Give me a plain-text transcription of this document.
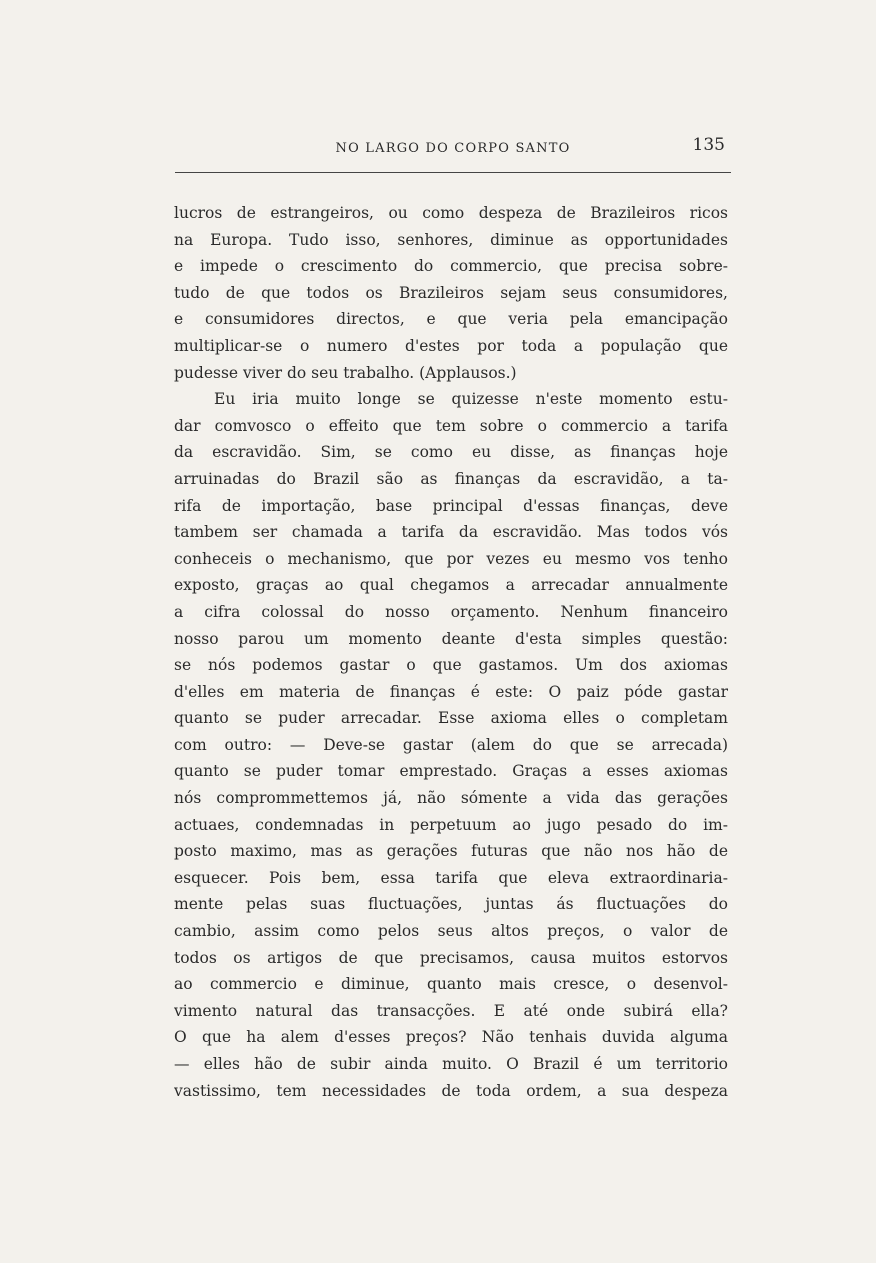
NO LARGO DO CORPO SANTO	135
lucros de estrangeiros, ou como despeza de Brazileiros ricos
na Europa. Tudo isso, senhores, diminue as opportunidades
e impede o crescimento do commercio, que precisa sobre-
tudo de que todos os Brazileiros sejam seus consumidores,
e consumidores directos, e que veria pela emancipação
multiplicar-se o numero d'estes por toda a população que
pudesse viver do seu trabalho. (Applausos.)
Eu iria muito longe se quizesse n'este momento estu-
dar comvosco o effeito que tem sobre o commercio a tarifa
da escravidão. Sim, se como eu disse, as finanças hoje
arruinadas do Brazil são as finanças da escravidão, a ta-
rifa de importação, base principal d'essas finanças, deve
tambem ser chamada a tarifa da escravidão. Mas todos vós
conheceis o mechanismo, que por vezes eu mesmo vos tenho
exposto, graças ao qual chegamos a arrecadar annualmente
a cifra colossal do nosso orçamento. Nenhum financeiro
nosso parou um momento deante d'esta simples questão:
se nós podemos gastar o que gastamos. Um dos axiomas
d'elles em materia de finanças é este: O paiz póde gastar
quanto se puder arrecadar. Esse axioma elles o completam
com outro: — Deve-se gastar (alem do que se arrecada)
quanto se puder tomar emprestado. Graças a esses axiomas
nós comprommettemos já, não sómente a vida das gerações
actuaes, condemnadas in perpetuum ao jugo pesado do im-
posto maximo, mas as gerações futuras que não nos hão de
esquecer. Pois bem, essa tarifa que eleva extraordinaria-
mente pelas suas fluctuações, juntas ás fluctuações do
cambio, assim como pelos seus altos preços, o valor de
todos os artigos de que precisamos, causa muitos estorvos
ao commercio e diminue, quanto mais cresce, o desenvol-
vimento natural das transacções. E até onde subirá ella?
O que ha alem d'esses preços? Não tenhais duvida alguma
— elles hão de subir ainda muito. O Brazil é um territorio
vastissimo, tem necessidades de toda ordem, a sua despeza
